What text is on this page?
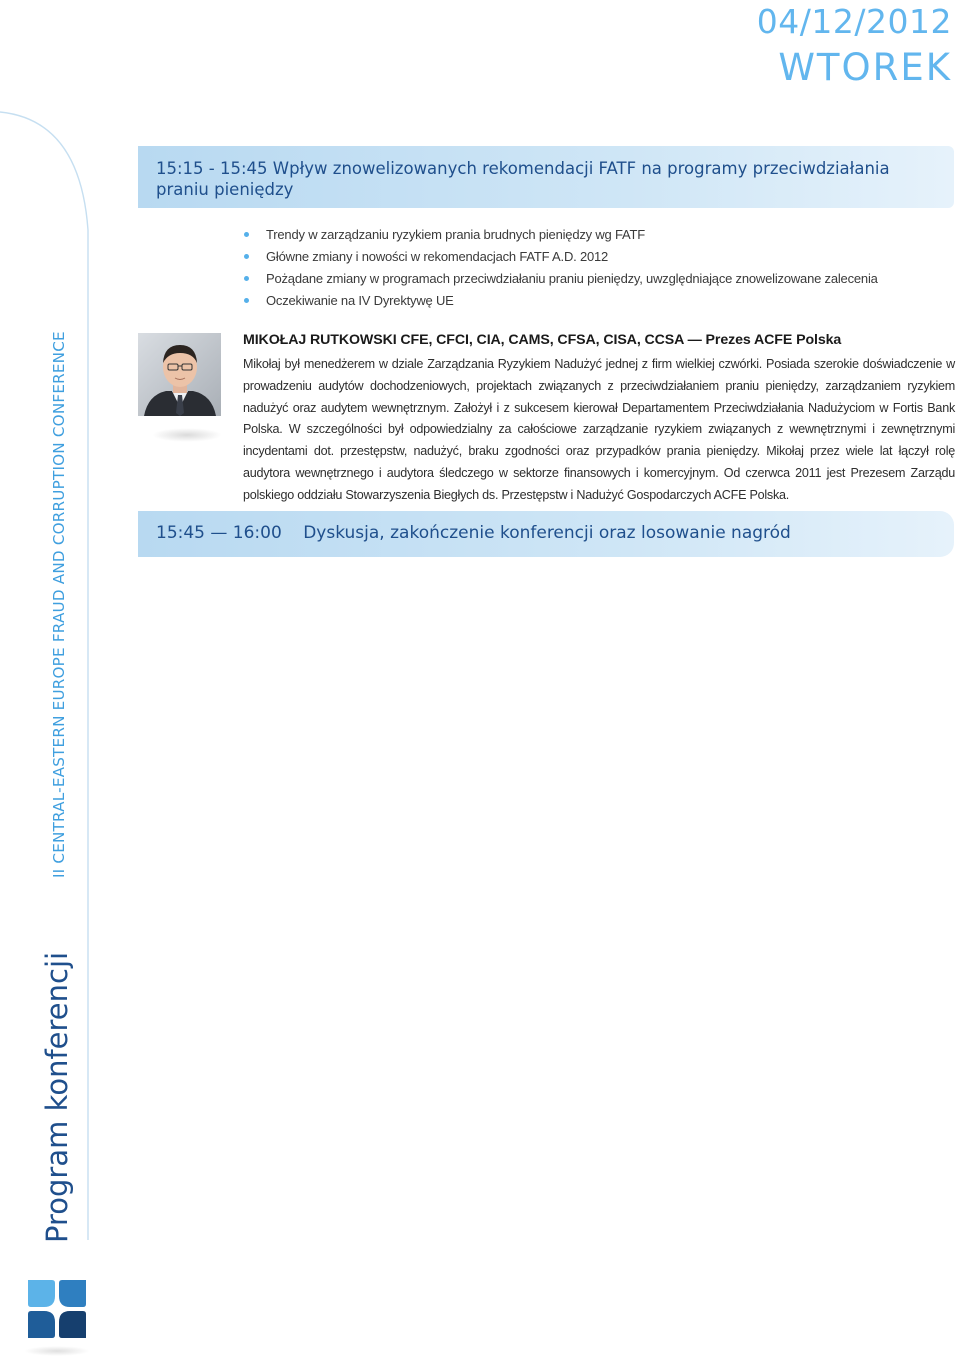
04/12/2012
WTOREK
II CENTRAL-EASTERN EUROPE FRAUD AND CORRUPTION CONFERENCE
Program konferencji
15:15 - 15:45 Wpływ znowelizowanych rekomendacji FATF na programy przeciwdziałania praniu pieniędzy
Trendy w zarządzaniu ryzykiem prania brudnych pieniędzy wg FATF
Główne zmiany i nowości w rekomendacjach FATF A.D. 2012
Pożądane zmiany w programach przeciwdziałaniu praniu pieniędzy, uwzględniające znowelizowane zalecenia
Oczekiwanie na IV Dyrektywę UE
MIKOŁAJ RUTKOWSKI CFE, CFCI, CIA, CAMS, CFSA, CISA, CCSA — Prezes ACFE Polska
Mikołaj był menedżerem w dziale Zarządzania Ryzykiem Nadużyć jednej z firm wielkiej czwórki. Posiada szerokie doświadczenie w prowadzeniu audytów dochodzeniowych, projektach związanych z przeciwdziałaniem praniu pieniędzy, zarządzaniem ryzykiem nadużyć oraz audytem wewnętrznym. Założył i z sukcesem kierował Departamentem Przeciwdziałania Nadużyciom w Fortis Bank Polska. W szczególności był odpowiedzialny za całościowe zarządzanie ryzykiem związanych z wewnętrznymi i zewnętrznymi incydentami dot. przestępstw, nadużyć, braku zgodności oraz przypadków prania pieniędzy. Mikołaj przez wiele lat łączył rolę audytora wewnętrznego i audytora śledczego w sektorze finansowych i komercyjnym. Od czerwca 2011 jest Prezesem Zarządu polskiego oddziału Stowarzyszenia Biegłych ds. Przestępstw i Nadużyć Gospodarczych ACFE Polska.
15:45 — 16:00 Dyskusja, zakończenie konferencji oraz losowanie nagród
